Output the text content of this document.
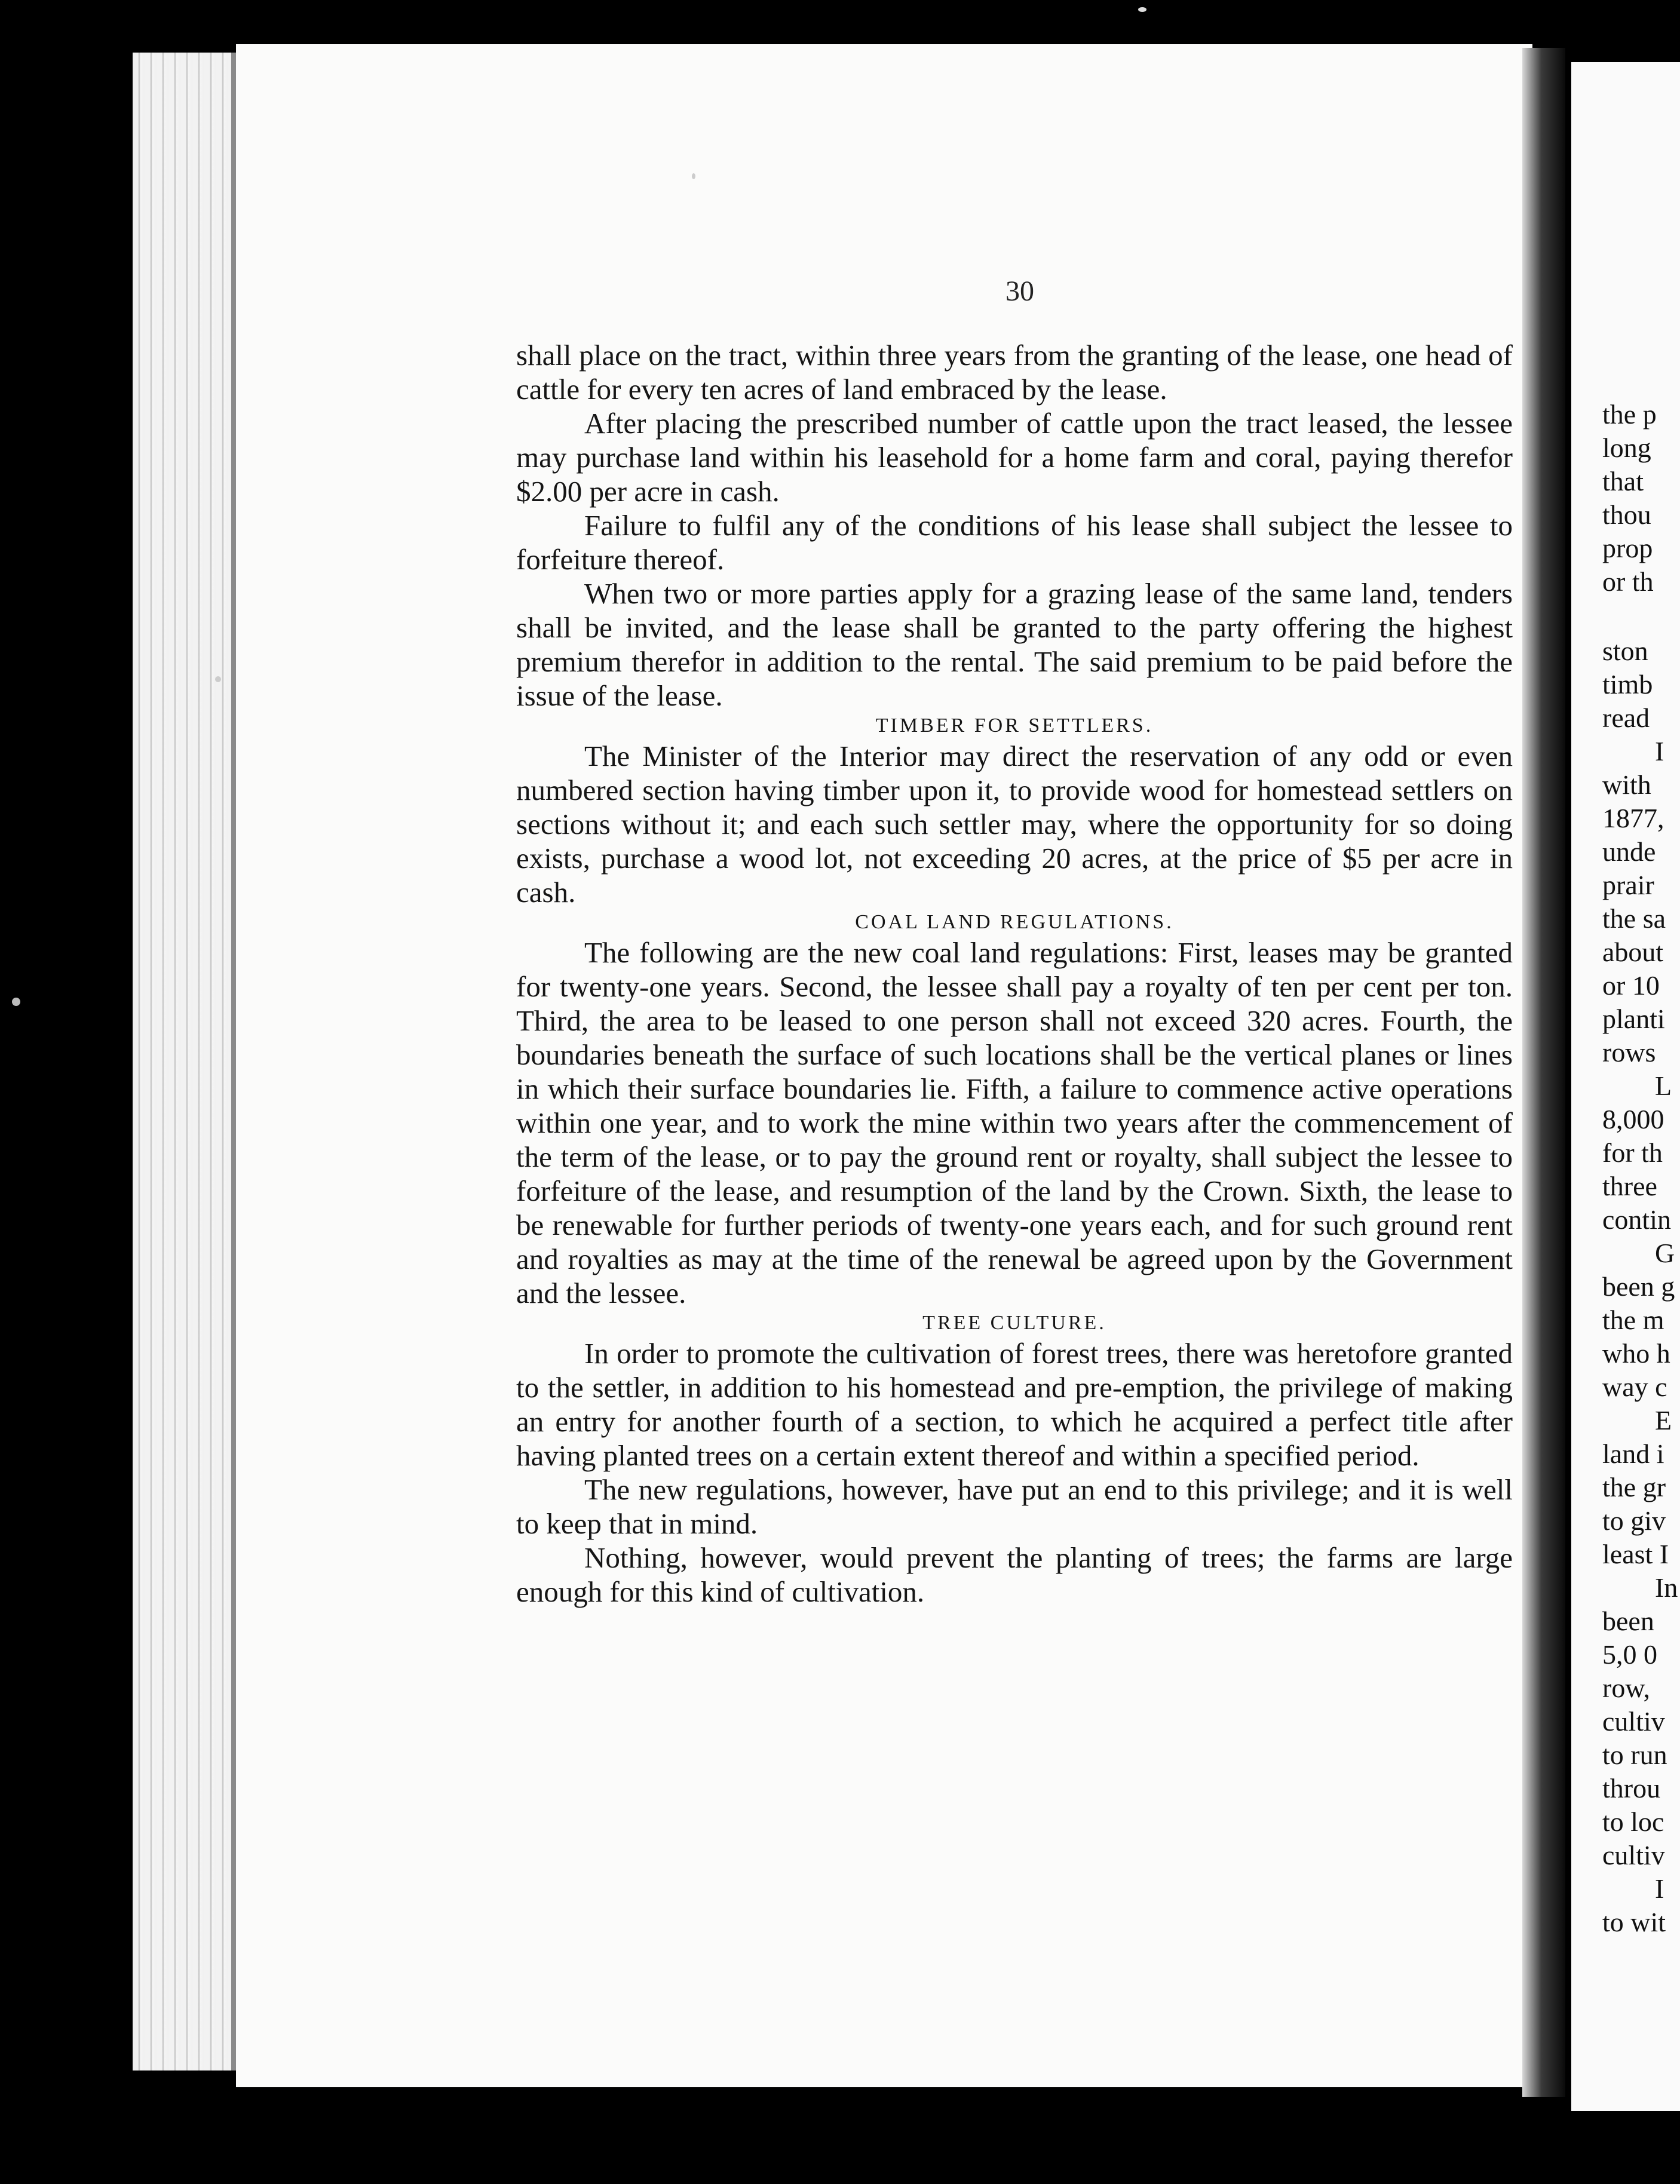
the p
long
that
thou
prop
or th
ston
timb
read
I
with
1877,
unde
prair
the sa
about
or 10
planti
rows
L
8,000
for th
three
contin
G
been g
the m
who h
way c
E
land i
the gr
to giv
least I
In
been
5,0 0
row,
cultiv
to run
throu
to loc
cultiv
I
to wit
30

shall place on the tract, within three years from the granting of the lease, one head of cattle for every ten acres of land embraced by the lease.

After placing the prescribed number of cattle upon the tract leased, the lessee may purchase land within his leasehold for a home farm and coral, paying therefor $2.00 per acre in cash.

Failure to fulfil any of the conditions of his lease shall subject the lessee to forfeiture thereof.

When two or more parties apply for a grazing lease of the same land, tenders shall be invited, and the lease shall be granted to the party offering the highest premium therefor in addition to the rental. The said premium to be paid before the issue of the lease.

TIMBER FOR SETTLERS.

The Minister of the Interior may direct the reservation of any odd or even numbered section having timber upon it, to provide wood for homestead settlers on sections without it; and each such settler may, where the opportunity for so doing exists, purchase a wood lot, not exceeding 20 acres, at the price of $5 per acre in cash.

COAL LAND REGULATIONS.

The following are the new coal land regulations: First, leases may be granted for twenty-one years. Second, the lessee shall pay a royalty of ten per cent per ton. Third, the area to be leased to one person shall not exceed 320 acres. Fourth, the boundaries beneath the surface of such locations shall be the vertical planes or lines in which their surface boundaries lie. Fifth, a failure to commence active operations within one year, and to work the mine within two years after the commencement of the term of the lease, or to pay the ground rent or royalty, shall subject the lessee to forfeiture of the lease, and resumption of the land by the Crown. Sixth, the lease to be renewable for further periods of twenty-one years each, and for such ground rent and royalties as may at the time of the renewal be agreed upon by the Government and the lessee.

TREE CULTURE.

In order to promote the cultivation of forest trees, there was heretofore granted to the settler, in addition to his homestead and pre-emption, the privilege of making an entry for another fourth of a section, to which he acquired a perfect title after having planted trees on a certain extent thereof and within a specified period.

The new regulations, however, have put an end to this privilege; and it is well to keep that in mind.

Nothing, however, would prevent the planting of trees; the farms are large enough for this kind of cultivation.
